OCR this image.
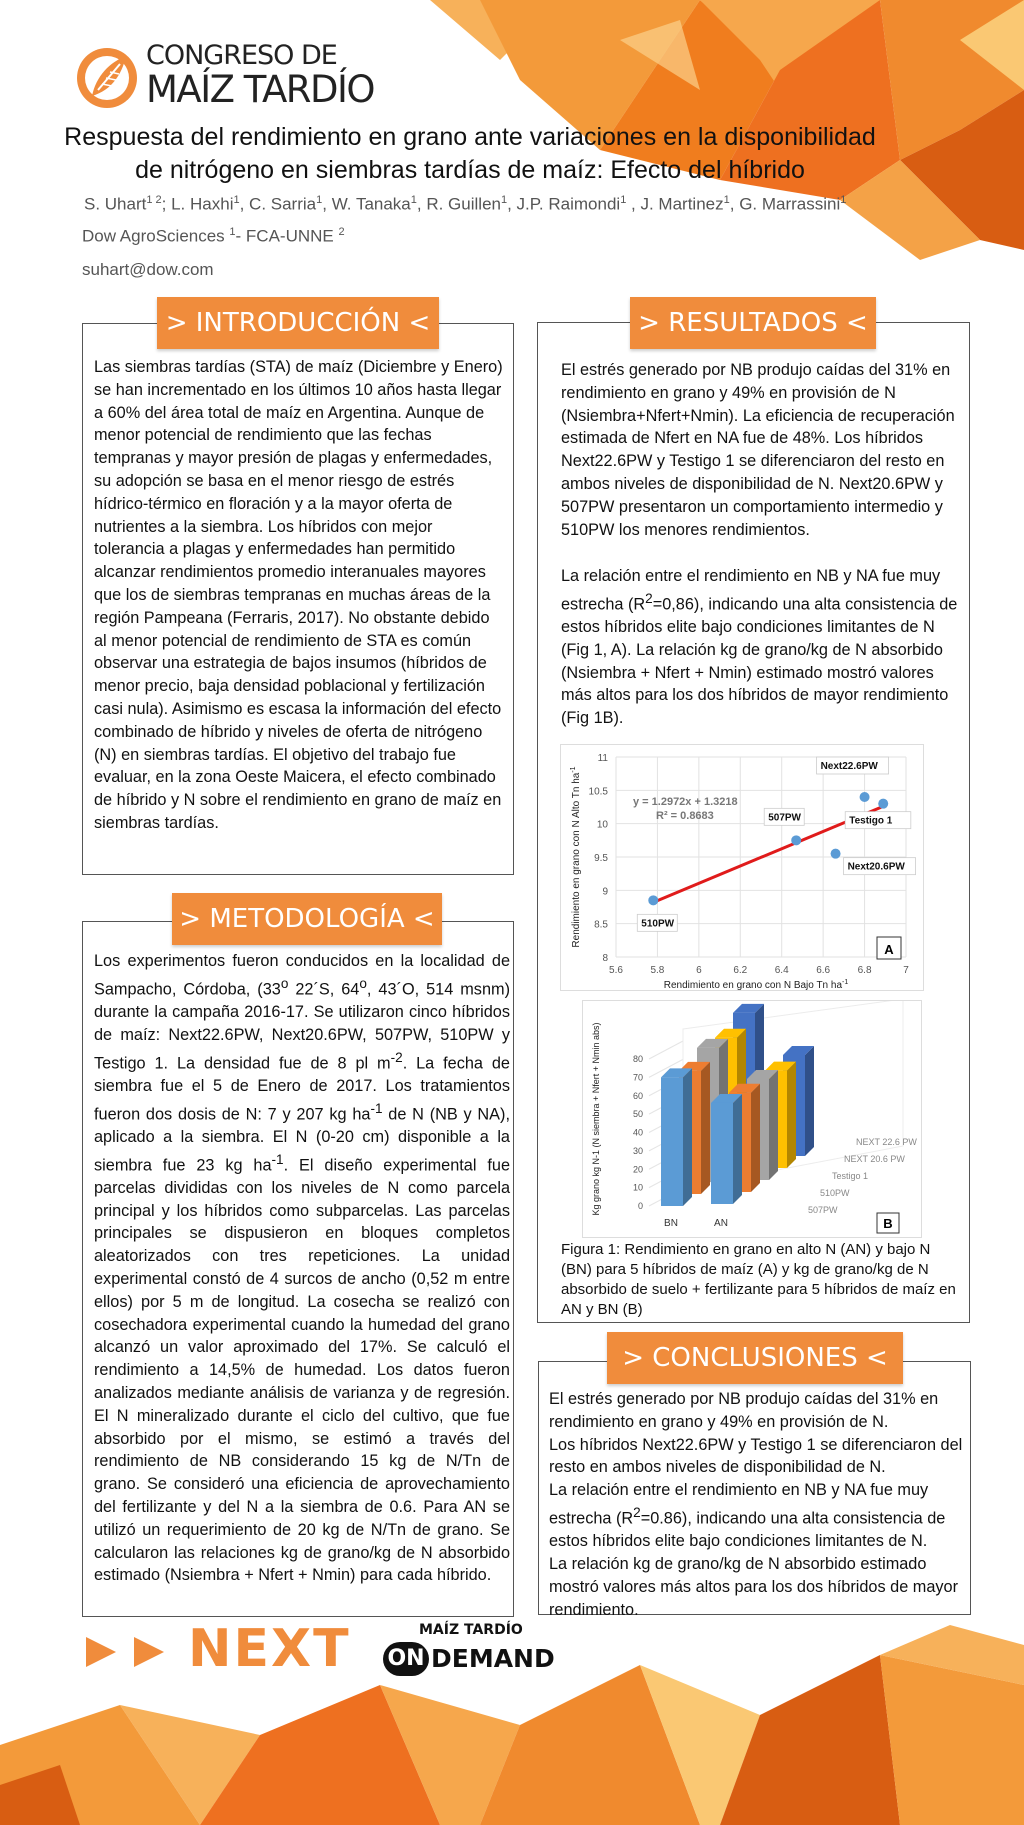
CONGRESO DE
MAÍZ TARDÍO
Respuesta del rendimiento en grano ante variaciones en la disponibilidad
de nitrógeno en siembras tardías de maíz: Efecto del híbrido
S. Uhart$^{1 2}$; L. Haxhi$^1$, C. Sarria$^1$, W. Tanaka$^1$, R. Guillen$^1$, J.P. Raimondi$^1$ , J. Martinez$^1$, G. Marrassini$^1$
Dow AgroSciences $^1$- FCA-UNNE $^2$
suhart@dow.com
> INTRODUCCIÓN <
Las siembras tardías (STA) de maíz (Diciembre y Enero) se han incrementado en los últimos 10 años hasta llegar a 60% del área total de maíz en Argentina. Aunque de menor potencial de rendimiento que las fechas tempranas y mayor presión de plagas y enfermedades, su adopción se basa en el menor riesgo de estrés hídrico-térmico en floración y a la mayor oferta de nutrientes a la siembra. Los híbridos con mejor tolerancia a plagas y enfermedades han permitido alcanzar rendimientos promedio interanuales mayores que los de siembras tempranas en muchas áreas de la región Pampeana (Ferraris, 2017). No obstante debido al menor potencial de rendimiento de STA es común observar una estrategia de bajos insumos (híbridos de menor precio, baja densidad poblacional y fertilización casi nula). Asimismo es escasa la información del efecto combinado de híbrido y niveles de oferta de nitrógeno (N) en siembras tardías. El objetivo del trabajo fue evaluar, en la zona Oeste Maicera, el efecto combinado de híbrido y N sobre el rendimiento en grano de maíz en siembras tardías.
> METODOLOGÍA <
Los experimentos fueron conducidos en la localidad de Sampacho, Córdoba, (33$^o$ 22´S, 64$^o$, 43´O, 514 msnm) durante la campaña 2016-17. Se utilizaron cinco híbridos de maíz: Next22.6PW, Next20.6PW, 507PW, 510PW y Testigo 1. La densidad fue de 8 pl $m^{-2}$. La fecha de siembra fue el 5 de Enero de 2017. Los tratamientos fueron dos dosis de N: 7 y 207 kg $ha^{-1}$ de N (NB y NA), aplicado a la siembra. El N (0-20 cm) disponible a la siembra fue 23 kg $ha^{-1}$. El diseño experimental fue parcelas divididas con los niveles de N como parcela principal y los híbridos como subparcelas. Las parcelas principales se dispusieron en bloques completos aleatorizados con tres repeticiones. La unidad experimental constó de 4 surcos de ancho (0,52 m entre ellos) por 5 m de longitud. La cosecha se realizó con cosechadora experimental cuando la humedad del grano alcanzó un valor aproximado del 17%. Se calculó el rendimiento a 14,5% de humedad. Los datos fueron analizados mediante análisis de varianza y de regresión. El N mineralizado durante el ciclo del cultivo, que fue absorbido por el mismo, se estimó a través del rendimiento de NB considerando 15 kg de N/Tn de grano. Se consideró una eficiencia de aprovechamiento del fertilizante y del N a la siembra de 0.6. Para AN se utilizó un requerimiento de 20 kg de N/Tn de grano. Se calcularon las relaciones kg de grano/kg de N absorbido estimado (Nsiembra + Nfert + Nmin) para cada híbrido.
> RESULTADOS <
El estrés generado por NB produjo caídas del 31% en rendimiento en grano y 49% en provisión de N (Nsiembra+Nfert+Nmin). La eficiencia de recuperación estimada de Nfert en NA fue de 48%. Los híbridos Next22.6PW y Testigo 1 se diferenciaron del resto en ambos niveles de disponibilidad de N. Next20.6PW y 507PW presentaron un comportamiento intermedio y 510PW los menores rendimientos.
La relación entre el rendimiento en NB y NA fue muy estrecha $(R^2=0,86)$, indicando una alta consistencia de estos híbridos elite bajo condiciones limitantes de N (Fig 1, A). La relación kg de grano/kg de N absorbido (Nsiembra + Nfert + Nmin) estimado mostró valores más altos para los dos híbridos de mayor rendimiento (Fig 1B).
5.6	5.8	6	6.2	6.4	6.6	6.8	7
8
8.5
9
9.5
10
10.5
11
510PW
507PW
Next20.6PW
Next22.6PW
Testigo 1
y = 1.2972x + 1.3218
R² = 0.8683
Rendimiento en grano con N Bajo Tn $ha^{-1}$
Rendimiento en grano con N Alto Tn $ha^{-1}$
A
0
10
20
30
40
50
60
70
80
507PW
510PW
Testigo 1
NEXT 20.6 PW
NEXT 22.6 PW
BN	AN
Kg grano kg N-1 (N siembra + Nfert + Nmin abs)
B
Figura 1: Rendimiento en grano en alto N (AN) y bajo N (BN) para 5 híbridos de maíz (A) y kg de grano/kg de N absorbido de suelo + fertilizante para 5 híbridos de maíz en AN y BN (B)
> CONCLUSIONES <
El estrés generado por NB produjo caídas del 31% en rendimiento en grano y 49% en provisión de N.
Los híbridos Next22.6PW y Testigo 1 se diferenciaron del resto en ambos niveles de disponibilidad de N.
La relación entre el rendimiento en NB y NA fue muy estrecha $(R^2=0.86)$, indicando una alta consistencia de estos híbridos elite bajo condiciones limitantes de N.
La relación kg de grano/kg de N absorbido estimado mostró valores más altos para los dos híbridos de mayor rendimiento.
NEXT	MAÍZ TARDÍO
ON DEMAND
